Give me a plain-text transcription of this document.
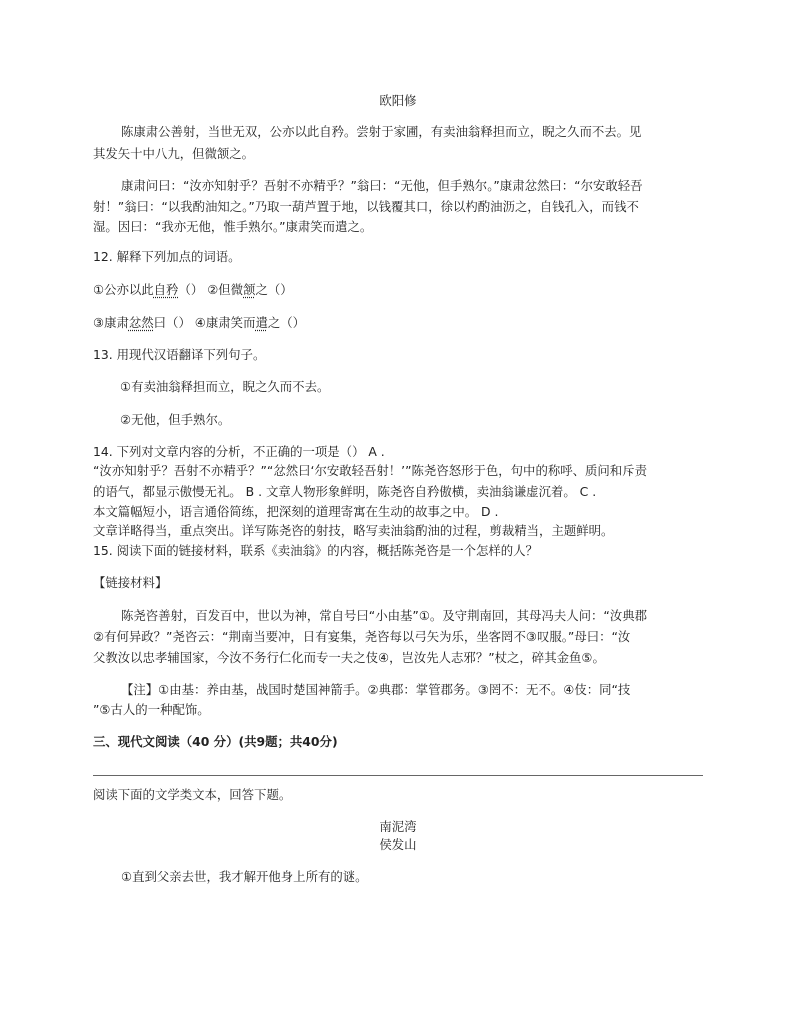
欧阳修
陈康肃公善射，当世无双，公亦以此自矜。尝射于家圃，有卖油翁释担而立，睨之久而不去。见
其发矢十中八九，但微颔之。
康肃问曰：“汝亦知射乎？吾射不亦精乎？”翁曰：“无他，但手熟尔。”康肃忿然曰：“尔安敢轻吾
射！”翁曰：“以我酌油知之。”乃取一葫芦置于地，以钱覆其口，徐以杓酌油沥之，自钱孔入，而钱不
湿。因曰：“我亦无他，惟手熟尔。”康肃笑而遣之。
12. 解释下列加点的词语。
①公亦以此自矜（） ②但微颔之（）
③康肃忿然曰（） ④康肃笑而遣之（）
13. 用现代汉语翻译下列句子。
①有卖油翁释担而立，睨之久而不去。
②无他，但手熟尔。
14. 下列对文章内容的分析，不正确的一项是（） A .
“汝亦知射乎？吾射不亦精乎？”“忿然曰‘尔安敢轻吾射！’”陈尧咨怒形于色，句中的称呼、质问和斥责
的语气，都显示傲慢无礼。 B . 文章人物形象鲜明，陈尧咨自矜傲横，卖油翁谦虚沉着。 C .
本文篇幅短小，语言通俗简练，把深刻的道理寄寓在生动的故事之中。 D .
文章详略得当，重点突出。详写陈尧咨的射技，略写卖油翁酌油的过程，剪裁精当，主题鲜明。
15. 阅读下面的链接材料，联系《卖油翁》的内容，概括陈尧咨是一个怎样的人？
【链接材料】
陈尧咨善射，百发百中，世以为神，常自号曰“小由基”①。及守荆南回，其母冯夫人问：“汝典郡
②有何异政？”尧咨云：“荆南当要冲，日有宴集，尧咨每以弓矢为乐，坐客罔不③叹服。”母曰：“汝
父教汝以忠孝辅国家，今汝不务行仁化而专一夫之伎④，岂汝先人志邪？”杖之，碎其金鱼⑤。
【注】①由基：养由基，战国时楚国神箭手。②典郡：掌管郡务。③罔不：无不。④伎：同“技
”⑤古人的一种配饰。
三、现代文阅读（40 分）(共9题；共40分)
阅读下面的文学类文本，回答下题。
南泥湾
侯发山
①直到父亲去世，我才解开他身上所有的谜。
